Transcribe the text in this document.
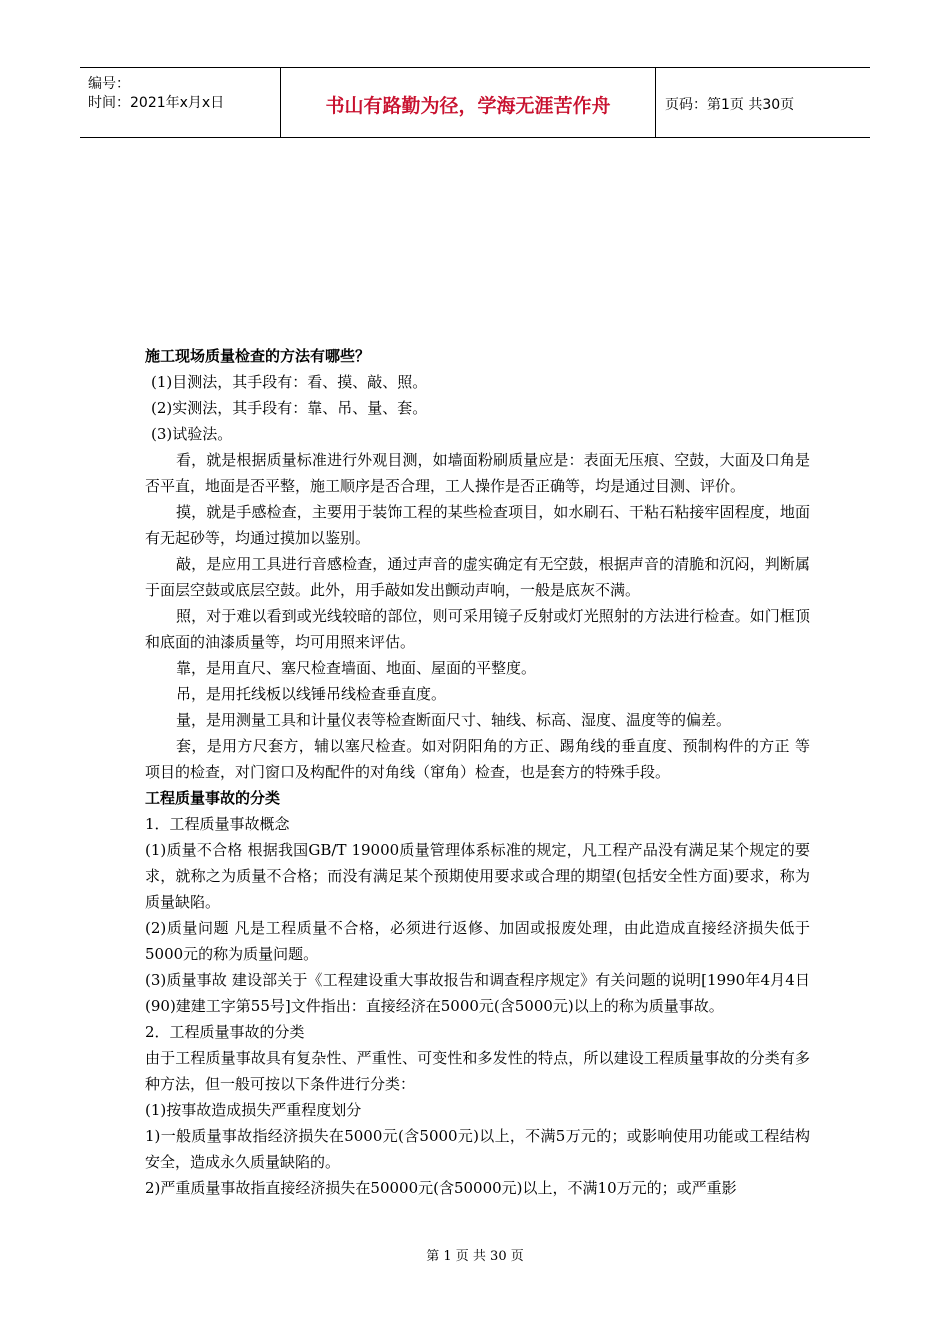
编号：
时间：2021年x月x日	书山有路勤为径，学海无涯苦作舟	页码：第1页 共30页

施工现场质量检查的方法有哪些？

(1)目测法，其手段有：看、摸、敲、照。

(2)实测法，其手段有：靠、吊、量、套。

(3)试验法。

看，就是根据质量标准进行外观目测，如墙面粉刷质量应是：表面无压痕、空鼓，大面及口角是否平直，地面是否平整，施工顺序是否合理，工人操作是否正确等，均是通过目测、评价。

摸，就是手感检查，主要用于装饰工程的某些检查项目，如水刷石、干粘石粘接牢固程度，地面有无起砂等，均通过摸加以鉴别。

敲，是应用工具进行音感检查，通过声音的虚实确定有无空鼓，根据声音的清脆和沉闷，判断属于面层空鼓或底层空鼓。此外，用手敲如发出颤动声响，一般是底灰不满。

照，对于难以看到或光线较暗的部位，则可采用镜子反射或灯光照射的方法进行检查。如门框顶和底面的油漆质量等，均可用照来评估。

靠，是用直尺、塞尺检查墙面、地面、屋面的平整度。

吊，是用托线板以线锤吊线检查垂直度。

量，是用测量工具和计量仪表等检查断面尺寸、轴线、标高、湿度、温度等的偏差。

套，是用方尺套方，辅以塞尺检查。如对阴阳角的方正、踢角线的垂直度、预制构件的方正 等项目的检查，对门窗口及构配件的对角线（窜角）检查，也是套方的特殊手段。

工程质量事故的分类

1．工程质量事故概念

(1)质量不合格 根据我国GB/T 19000质量管理体系标准的规定，凡工程产品没有满足某个规定的要求，就称之为质量不合格；而没有满足某个预期使用要求或合理的期望(包括安全性方面)要求，称为质量缺陷。

(2)质量问题 凡是工程质量不合格，必须进行返修、加固或报废处理，由此造成直接经济损失低于5000元的称为质量问题。

(3)质量事故 建设部关于《工程建设重大事故报告和调查程序规定》有关问题的说明[1990年4月4日(90)建建工字第55号]文件指出：直接经济在5000元(含5000元)以上的称为质量事故。

2．工程质量事故的分类

由于工程质量事故具有复杂性、严重性、可变性和多发性的特点，所以建设工程质量事故的分类有多种方法，但一般可按以下条件进行分类：

(1)按事故造成损失严重程度划分

1)一般质量事故指经济损失在5000元(含5000元)以上，不满5万元的；或影响使用功能或工程结构安全，造成永久质量缺陷的。

2)严重质量事故指直接经济损失在50000元(含50000元)以上，不满10万元的；或严重影

第 1 页 共 30 页
